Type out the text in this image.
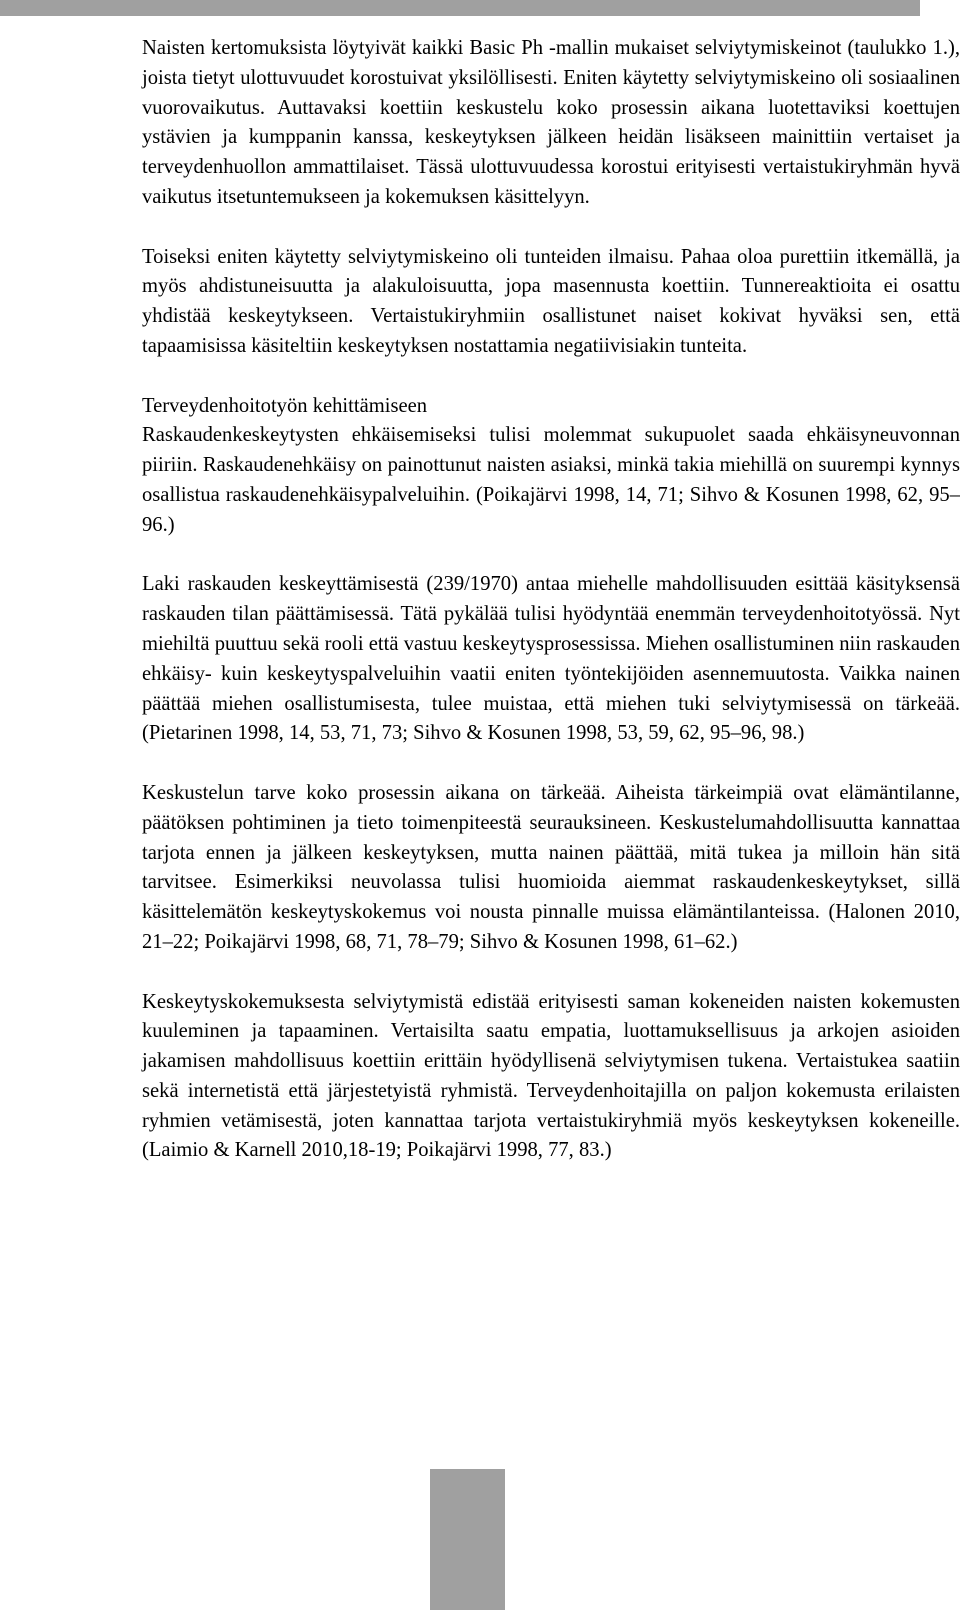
Naisten kertomuksista löytyivät kaikki Basic Ph -mallin mukaiset selviytymiskeinot (taulukko 1.), joista tietyt ulottuvuudet korostuivat yksilöllisesti. Eniten käytetty selviytymiskeino oli sosiaalinen vuorovaikutus. Auttavaksi koettiin keskustelu koko prosessin aikana luotettaviksi koettujen ystävien ja kumppanin kanssa, keskeytyksen jälkeen heidän lisäkseen mainittiin vertaiset ja terveydenhuollon ammattilaiset. Tässä ulottuvuudessa korostui erityisesti vertaistukiryhmän hyvä vaikutus itsetuntemukseen ja kokemuksen käsittelyyn.

Toiseksi eniten käytetty selviytymiskeino oli tunteiden ilmaisu. Pahaa oloa purettiin itkemällä, ja myös ahdistuneisuutta ja alakuloisuutta, jopa masennusta koettiin. Tunnereaktioita ei osattu yhdistää keskeytykseen. Vertaistukiryhmiin osallistunet naiset kokivat hyväksi sen, että tapaamisissa käsiteltiin keskeytyksen nostattamia negatiivisiakin tunteita.

Terveydenhoitotyön kehittämiseen

Raskaudenkeskeytysten ehkäisemiseksi tulisi molemmat sukupuolet saada ehkäisyneuvonnan piiriin. Raskaudenehkäisy on painottunut naisten asiaksi, minkä takia miehillä on suurempi kynnys osallistua raskaudenehkäisypalveluihin. (Poikajärvi 1998, 14, 71; Sihvo & Kosunen 1998, 62, 95–96.)

Laki raskauden keskeyttämisestä (239/1970) antaa miehelle mahdollisuuden esittää käsityksensä raskauden tilan päättämisessä. Tätä pykälää tulisi hyödyntää enemmän terveydenhoitotyössä. Nyt miehiltä puuttuu sekä rooli että vastuu keskeytysprosessissa. Miehen osallistuminen niin raskauden ehkäisy- kuin keskeytyspalveluihin vaatii eniten työntekijöiden asennemuutosta. Vaikka nainen päättää miehen osallistumisesta, tulee muistaa, että miehen tuki selviytymisessä on tärkeää. (Pietarinen 1998, 14, 53, 71, 73; Sihvo & Kosunen 1998, 53, 59, 62, 95–96, 98.)

Keskustelun tarve koko prosessin aikana on tärkeää. Aiheista tärkeimpiä ovat elämäntilanne, päätöksen pohtiminen ja tieto toimenpiteestä seurauksineen. Keskustelumahdollisuutta kannattaa tarjota ennen ja jälkeen keskeytyksen, mutta nainen päättää, mitä tukea ja milloin hän sitä tarvitsee. Esimerkiksi neuvolassa tulisi huomioida aiemmat raskaudenkeskeytykset, sillä käsittelemätön keskeytyskokemus voi nousta pinnalle muissa elämäntilanteissa. (Halonen 2010, 21–22; Poikajärvi 1998, 68, 71, 78–79; Sihvo & Kosunen 1998, 61–62.)

Keskeytyskokemuksesta selviytymistä edistää erityisesti saman kokeneiden naisten kokemusten kuuleminen ja tapaaminen. Vertaisilta saatu empatia, luottamuksellisuus ja arkojen asioiden jakamisen mahdollisuus koettiin erittäin hyödyllisenä selviytymisen tukena. Vertaistukea saatiin sekä internetistä että järjestetyistä ryhmistä. Terveydenhoitajilla on paljon kokemusta erilaisten ryhmien vetämisestä, joten kannattaa tarjota vertaistukiryhmiä myös keskeytyksen kokeneille. (Laimio & Karnell 2010,18-19; Poikajärvi 1998, 77, 83.)
